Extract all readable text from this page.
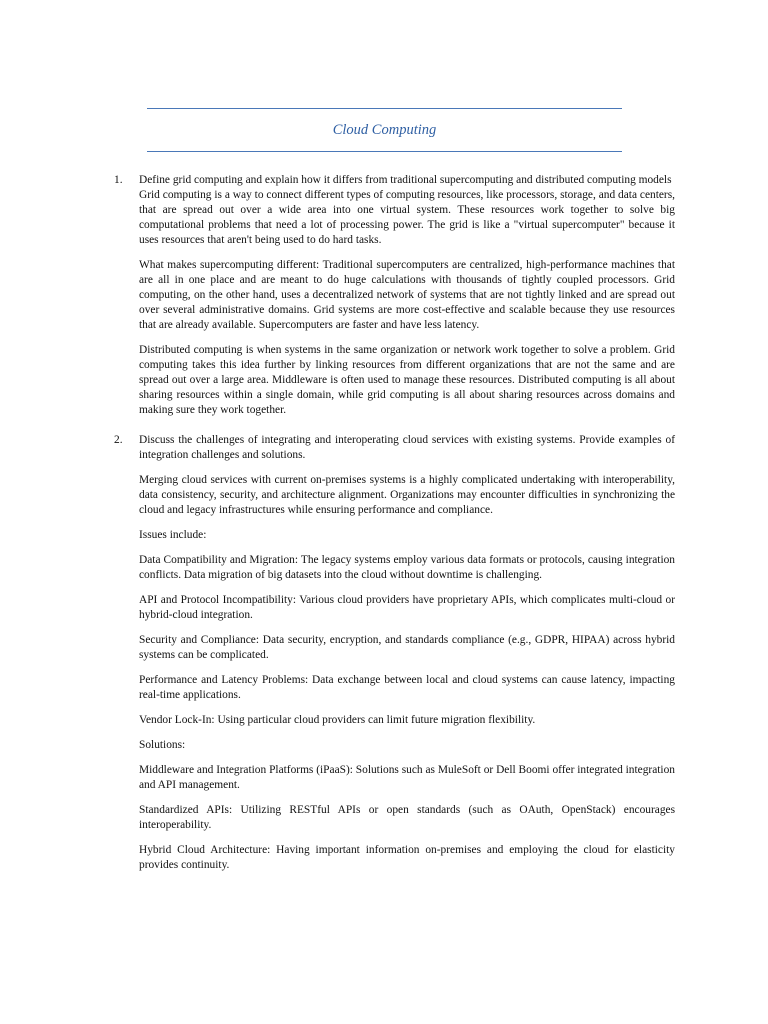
Cloud Computing
1.	Define grid computing and explain how it differs from traditional supercomputing and distributed computing models

Grid computing is a way to connect different types of computing resources, like processors, storage, and data centers, that are spread out over a wide area into one virtual system. These resources work together to solve big computational problems that need a lot of processing power. The grid is like a "virtual supercomputer" because it uses resources that aren't being used to do hard tasks.

What makes supercomputing different: Traditional supercomputers are centralized, high-performance machines that are all in one place and are meant to do huge calculations with thousands of tightly coupled processors. Grid computing, on the other hand, uses a decentralized network of systems that are not tightly linked and are spread out over several administrative domains. Grid systems are more cost-effective and scalable because they use resources that are already available. Supercomputers are faster and have less latency.

Distributed computing is when systems in the same organization or network work together to solve a problem. Grid computing takes this idea further by linking resources from different organizations that are not the same and are spread out over a large area. Middleware is often used to manage these resources. Distributed computing is all about sharing resources within a single domain, while grid computing is all about sharing resources across domains and making sure they work together.

2.	Discuss the challenges of integrating and interoperating cloud services with existing systems. Provide examples of integration challenges and solutions.

Merging cloud services with current on-premises systems is a highly complicated undertaking with interoperability, data consistency, security, and architecture alignment. Organizations may encounter difficulties in synchronizing the cloud and legacy infrastructures while ensuring performance and compliance.

Issues include:

Data Compatibility and Migration: The legacy systems employ various data formats or protocols, causing integration conflicts. Data migration of big datasets into the cloud without downtime is challenging.

API and Protocol Incompatibility: Various cloud providers have proprietary APIs, which complicates multi-cloud or hybrid-cloud integration.

Security and Compliance: Data security, encryption, and standards compliance (e.g., GDPR, HIPAA) across hybrid systems can be complicated.

Performance and Latency Problems: Data exchange between local and cloud systems can cause latency, impacting real-time applications.

Vendor Lock-In: Using particular cloud providers can limit future migration flexibility.

Solutions:

Middleware and Integration Platforms (iPaaS): Solutions such as MuleSoft or Dell Boomi offer integrated integration and API management.

Standardized APIs: Utilizing RESTful APIs or open standards (such as OAuth, OpenStack) encourages interoperability.

Hybrid Cloud Architecture: Having important information on-premises and employing the cloud for elasticity provides continuity.
